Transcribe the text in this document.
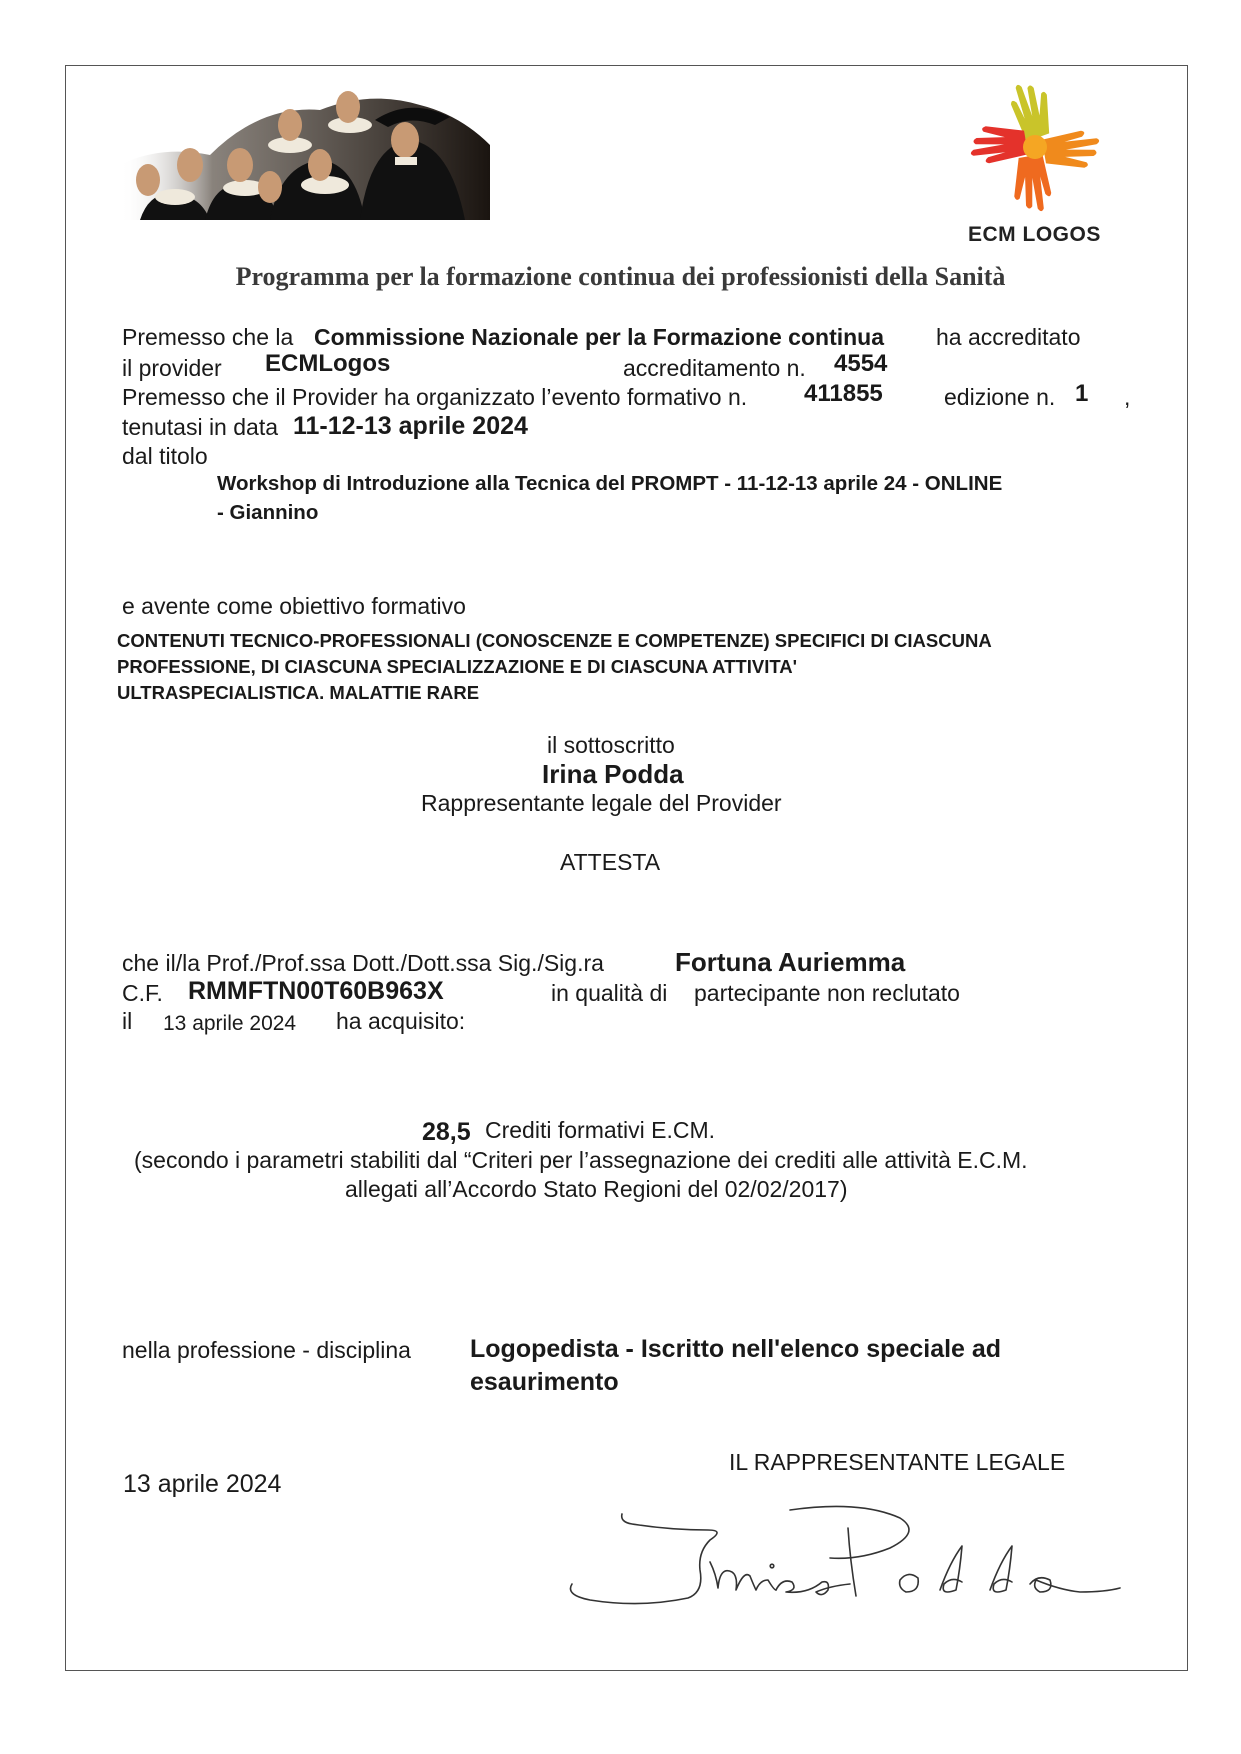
ECM LOGOS
Programma per la formazione continua dei professionisti della Sanità
Premesso che la Commissione Nazionale per la Formazione continua ha accreditato
il provider ECMLogos	accreditamento n. 4554
Premesso che il Provider ha organizzato l’evento formativo n. 411855	edizione n. 1 ,
tenutasi in data 11-12-13 aprile 2024
dal titolo
Workshop di Introduzione alla Tecnica del PROMPT - 11-12-13 aprile 24 - ONLINE
- Giannino
e avente come obiettivo formativo
CONTENUTI TECNICO-PROFESSIONALI (CONOSCENZE E COMPETENZE) SPECIFICI DI CIASCUNA
PROFESSIONE, DI CIASCUNA SPECIALIZZAZIONE E DI CIASCUNA ATTIVITA'
ULTRASPECIALISTICA. MALATTIE RARE
il sottoscritto
Irina Podda
Rappresentante legale del Provider
ATTESTA
che il/la Prof./Prof.ssa Dott./Dott.ssa Sig./Sig.ra	Fortuna Auriemma
C.F. RMMFTN00T60B963X	in qualità di partecipante non reclutato
il 13 aprile 2024 ha acquisito:
28,5 Crediti formativi E.CM.
(secondo i parametri stabiliti dal “Criteri per l’assegnazione dei crediti alle attività E.C.M.
allegati all’Accordo Stato Regioni del 02/02/2017)
nella professione - disciplina Logopedista - Iscritto nell'elenco speciale ad
esaurimento
13 aprile 2024
IL RAPPRESENTANTE LEGALE
